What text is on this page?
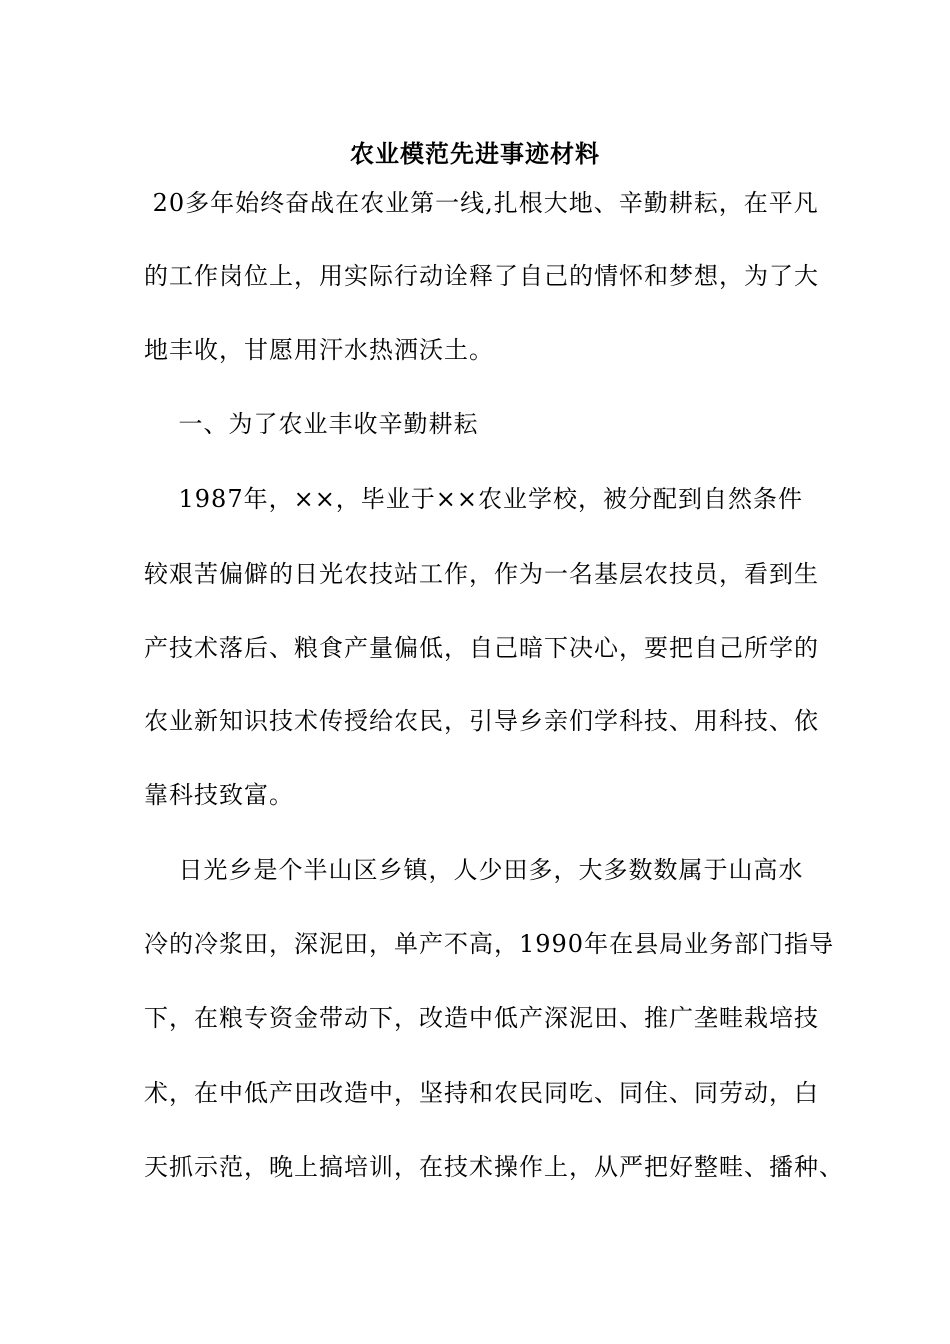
农业模范先进事迹材料
20多年始终奋战在农业第一线,扎根大地、辛勤耕耘，在平凡
的工作岗位上，用实际行动诠释了自己的情怀和梦想，为了大
地丰收，甘愿用汗水热洒沃土。
一、为了农业丰收辛勤耕耘
1987年，××，毕业于××农业学校，被分配到自然条件
较艰苦偏僻的日光农技站工作，作为一名基层农技员，看到生
产技术落后、粮食产量偏低，自己暗下决心，要把自己所学的
农业新知识技术传授给农民，引导乡亲们学科技、用科技、依
靠科技致富。
日光乡是个半山区乡镇，人少田多，大多数数属于山高水
冷的冷浆田，深泥田，单产不高，1990年在县局业务部门指导
下，在粮专资金带动下，改造中低产深泥田、推广垄畦栽培技
术，在中低产田改造中，坚持和农民同吃、同住、同劳动，白
天抓示范，晚上搞培训，在技术操作上，从严把好整畦、播种、
